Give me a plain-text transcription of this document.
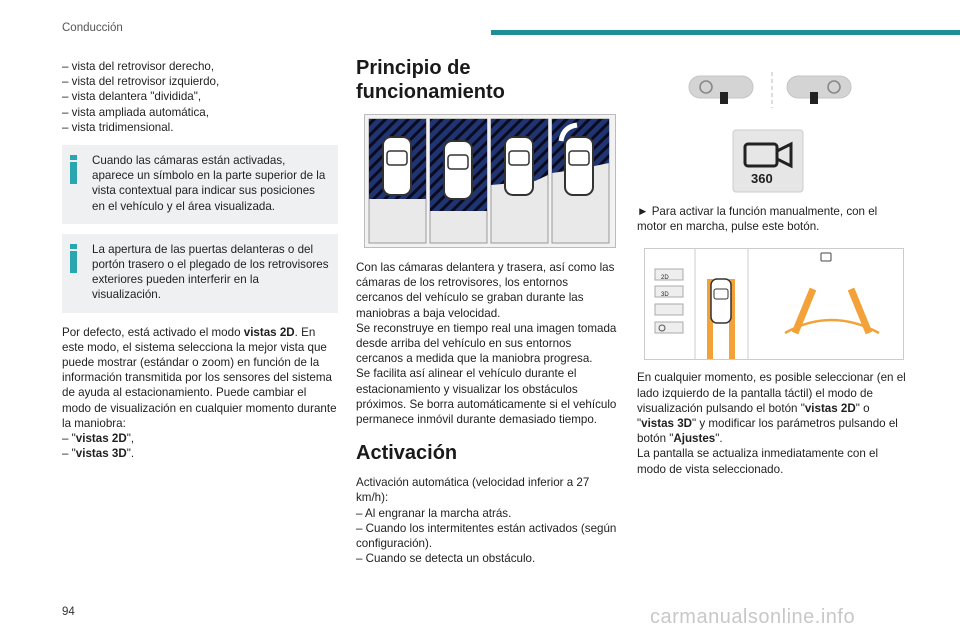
Conducción
– vista del retrovisor derecho,
– vista del retrovisor izquierdo,
– vista delantera "dividida",
– vista ampliada automática,
– vista tridimensional.

Cuando las cámaras están activadas, aparece un símbolo en la parte superior de la vista contextual para indicar sus posiciones en el vehículo y el área visualizada.

La apertura de las puertas delanteras o del portón trasero o el plegado de los retrovisores exteriores pueden interferir en la visualización.

Por defecto, está activado el modo vistas 2D. En este modo, el sistema selecciona la mejor vista que puede mostrar (estándar o zoom) en función de la información transmitida por los sensores del sistema de ayuda al estacionamiento. Puede cambiar el modo de visualización en cualquier momento durante la maniobra:

– "vistas 2D",

– "vistas 3D".

Principio de funcionamiento

Con las cámaras delantera y trasera, así como las cámaras de los retrovisores, los entornos cercanos del vehículo se graban durante las maniobras a baja velocidad.

Se reconstruye en tiempo real una imagen tomada desde arriba del vehículo en sus entornos cercanos a medida que la maniobra progresa.

Se facilita así alinear el vehículo durante el estacionamiento y visualizar los obstáculos próximos. Se borra automáticamente si el vehículo permanece inmóvil durante demasiado tiempo.

Activación

Activación automática (velocidad inferior a 27 km/h):

– Al engranar la marcha atrás.

– Cuando los intermitentes están activados (según configuración).

– Cuando se detecta un obstáculo.

360

► Para activar la función manualmente, con el motor en marcha, pulse este botón.

2D
3D

En cualquier momento, es posible seleccionar (en el lado izquierdo de la pantalla táctil) el modo de visualización pulsando el botón "vistas 2D" o "vistas 3D" y modificar los parámetros pulsando el botón "Ajustes".

La pantalla se actualiza inmediatamente con el modo de vista seleccionado.

94	carmanualsonline.info
